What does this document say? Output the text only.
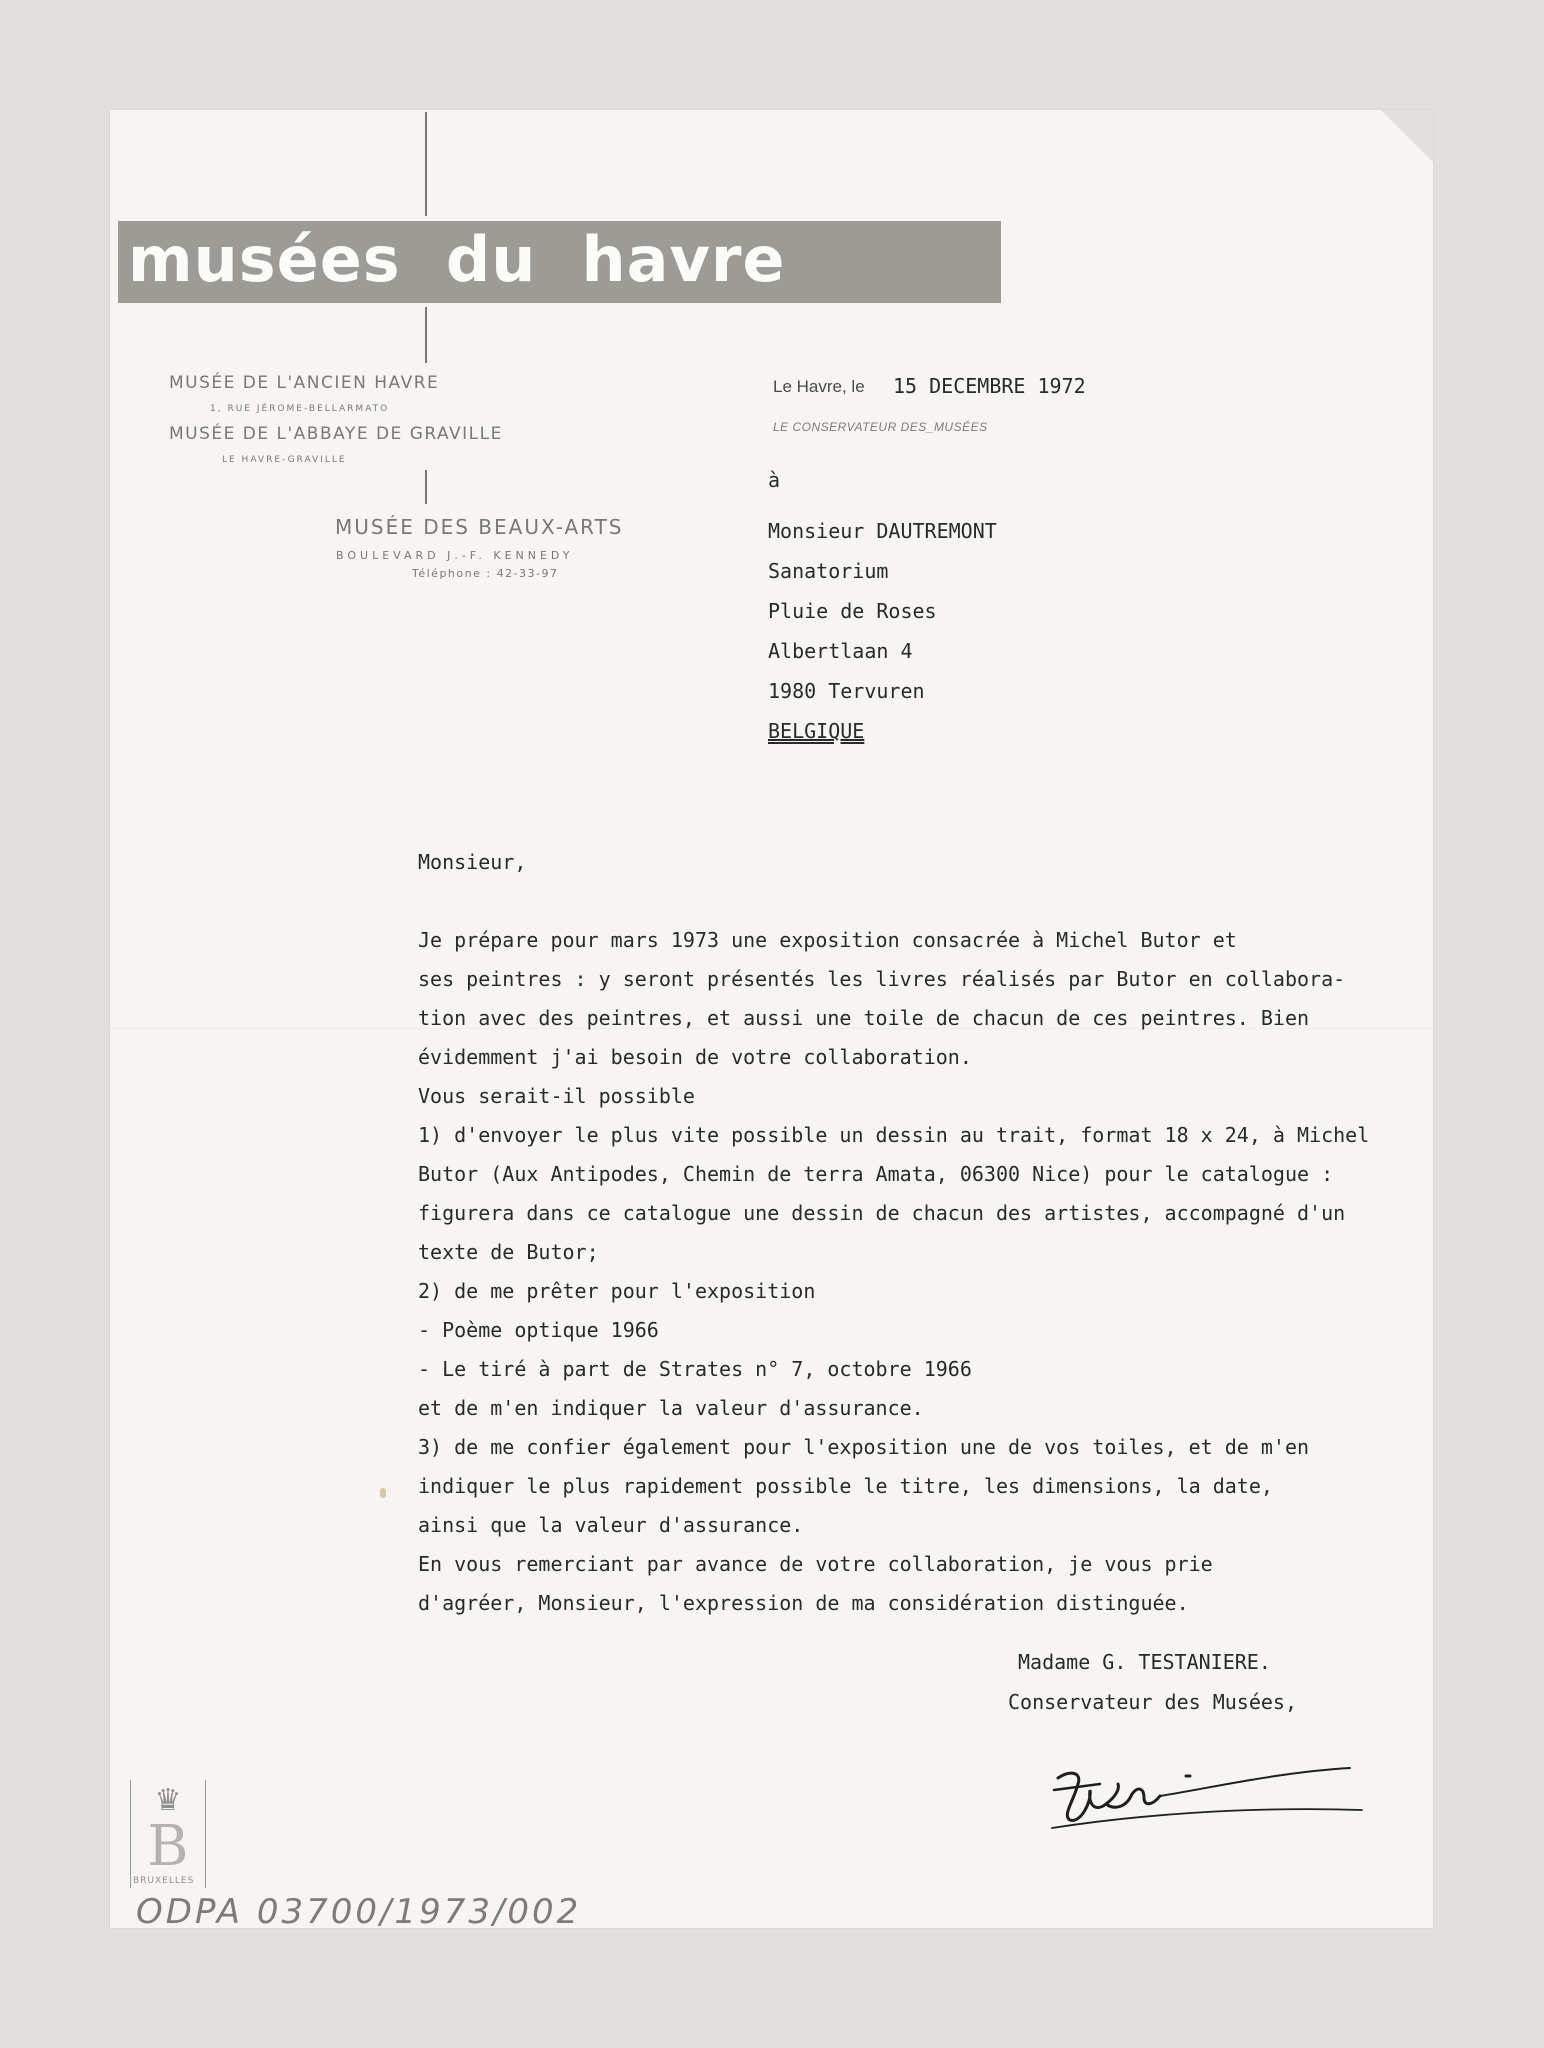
musées  du  havre
MUSÉE DE L'ANCIEN HAVRE
1, RUE JÉROME-BELLARMATO
MUSÉE DE L'ABBAYE DE GRAVILLE
LE HAVRE-GRAVILLE
MUSÉE DES BEAUX-ARTS
BOULEVARD J.-F. KENNEDY
Téléphone : 42-33-97
Le Havre, le 15 DECEMBRE 1972
LE CONSERVATEUR DES_MUSÉES
à
Monsieur DAUTREMONT
Sanatorium
Pluie de Roses
Albertlaan 4
1980 Tervuren
BELGIQUE
Monsieur,
Je prépare pour mars 1973 une exposition consacrée à Michel Butor et
ses peintres : y seront présentés les livres réalisés par Butor en collabora-
tion avec des peintres, et aussi une toile de chacun de ces peintres. Bien
évidemment j'ai besoin de votre collaboration.
Vous serait-il possible
1) d'envoyer le plus vite possible un dessin au trait, format 18 x 24, à Michel
Butor (Aux Antipodes, Chemin de terra Amata, 06300 Nice) pour le catalogue :
figurera dans ce catalogue une dessin de chacun des artistes, accompagné d'un
texte de Butor;
2) de me prêter pour l'exposition
- Poème optique 1966
- Le tiré à part de Strates n° 7, octobre 1966
et de m'en indiquer la valeur d'assurance.
3) de me confier également pour l'exposition une de vos toiles, et de m'en
indiquer le plus rapidement possible le titre, les dimensions, la date,
ainsi que la valeur d'assurance.
En vous remerciant par avance de votre collaboration, je vous prie
d'agréer, Monsieur, l'expression de ma considération distinguée.
Madame G. TESTANIERE.
Conservateur des Musées,
♛
B
BRUXELLES
ODPA 03700/1973/002
